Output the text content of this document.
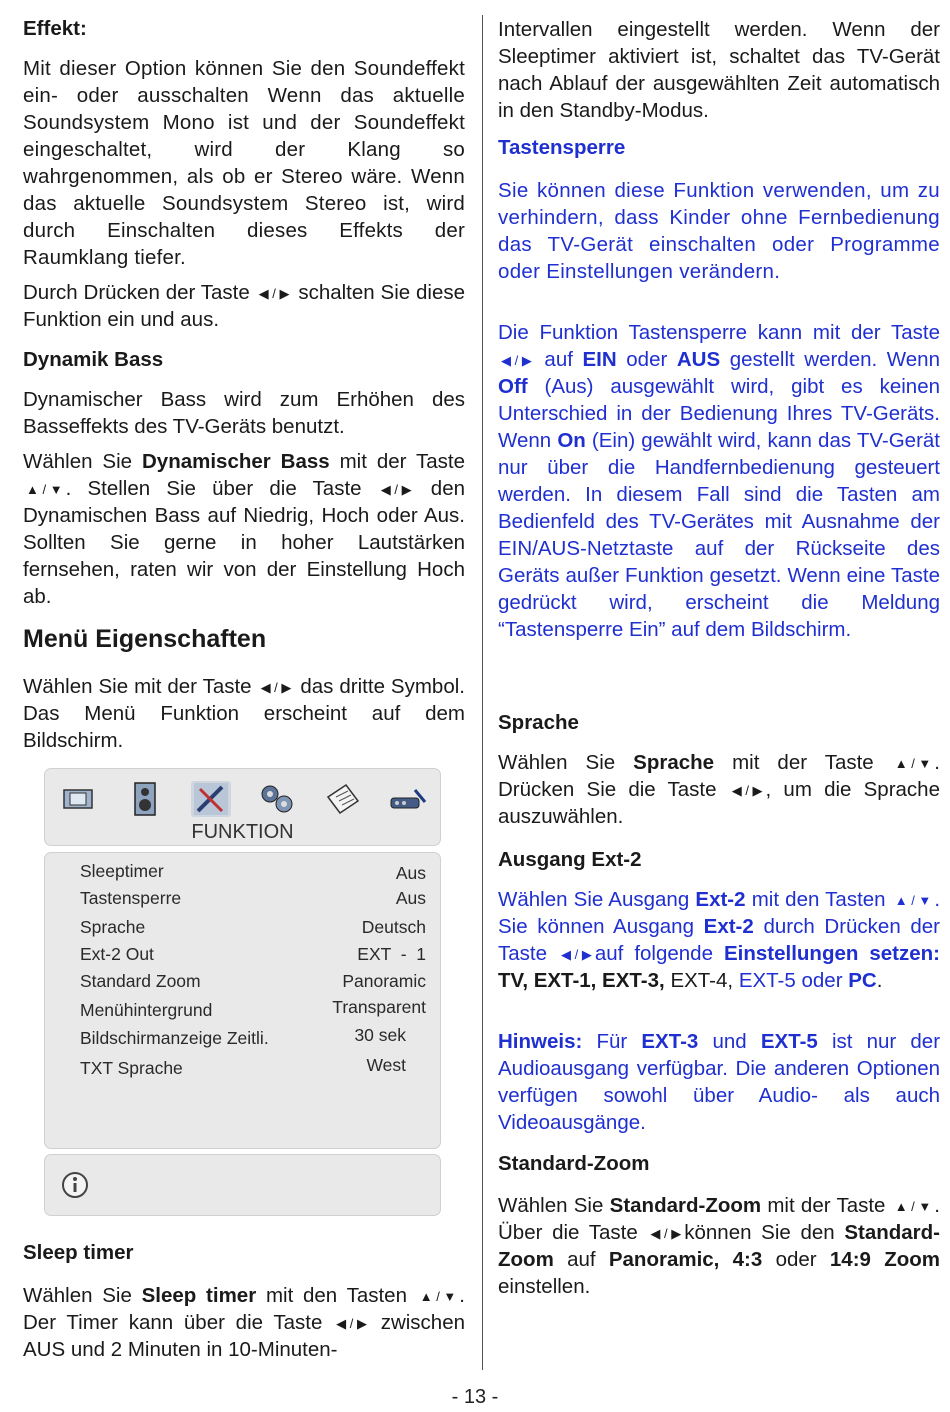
Effekt:

Mit dieser Option können Sie den Soundeffekt ein- oder ausschalten Wenn das aktuelle Soundsystem Mono ist und der Soundeffekt eingeschaltet, wird der Klang so wahrgenommen, als ob er Stereo wäre. Wenn das aktuelle Soundsystem Stereo ist, wird durch Einschalten dieses Effekts der Raumklang tiefer.

Durch Drücken der Taste ◀ / ▶ schalten Sie diese Funktion ein und aus.

Dynamik Bass

Dynamischer Bass wird zum Erhöhen des Basseffekts des TV-Geräts benutzt.

Wählen Sie Dynamischer Bass mit der Taste ▲ / ▼ . Stellen Sie über die Taste ◀ / ▶ den Dynamischen Bass auf Niedrig, Hoch oder Aus. Sollten Sie gerne in hoher Lautstärken fernsehen, raten wir von der Einstellung Hoch ab.

Menü Eigenschaften

Wählen Sie mit der Taste ◀ / ▶ das dritte Symbol. Das Menü Funktion erscheint auf dem Bildschirm.

FUNKTION
Sleeptimer	Aus
Tastensperre	Aus
Sprache	Deutsch
Ext-2 Out	EXT  -  1
Standard Zoom	Panoramic
Menühintergrund	Transparent
Bildschirmanzeige Zeitli.	30 sek
TXT Sprache	West
Sleep timer

Wählen Sie Sleep timer mit den Tasten ▲ / ▼ . Der Timer kann über die Taste ◀ / ▶ zwischen AUS und 2 Minuten in 10-Minuten-

Intervallen eingestellt werden. Wenn der Sleeptimer aktiviert ist, schaltet das TV-Gerät nach Ablauf der ausgewählten Zeit automatisch in den Standby-Modus.

Tastensperre

Sie können diese Funktion verwenden, um zu verhindern, dass Kinder ohne Fernbedienung das TV-Gerät einschalten oder Programme oder Einstellungen verändern.

Die Funktion Tastensperre kann mit der Taste ◀ / ▶ auf EIN oder AUS gestellt werden. Wenn Off (Aus) ausgewählt wird, gibt es keinen Unterschied in der Bedienung Ihres TV-Geräts. Wenn On (Ein) gewählt wird, kann das TV-Gerät nur über die Handfernbedienung gesteuert werden. In diesem Fall sind die Tasten am Bedienfeld des TV-Gerätes mit Ausnahme der EIN/AUS-Netztaste auf der Rückseite des Geräts außer Funktion gesetzt. Wenn eine Taste gedrückt wird, erscheint die Meldung “Tastensperre Ein” auf dem Bildschirm.

Sprache

Wählen Sie Sprache mit der Taste ▲ / ▼ . Drücken Sie die Taste ◀ / ▶ , um die Sprache auszuwählen.

Ausgang Ext-2

Wählen Sie Ausgang Ext-2 mit den Tasten ▲ / ▼ . Sie können Ausgang Ext-2 durch Drücken der Taste ◀ / ▶ auf folgende Einstellungen setzen: TV, EXT-1, EXT-3, EXT-4, EXT-5 oder PC.

Hinweis: Für EXT-3 und EXT-5 ist nur der Audioausgang verfügbar. Die anderen Optionen verfügen sowohl über Audio- als auch Videoausgänge.

Standard-Zoom

Wählen Sie Standard-Zoom mit der Taste ▲ / ▼ . Über die Taste ◀ / ▶ können Sie den Standard-Zoom auf Panoramic, 4:3 oder 14:9 Zoom einstellen.

- 13 -
